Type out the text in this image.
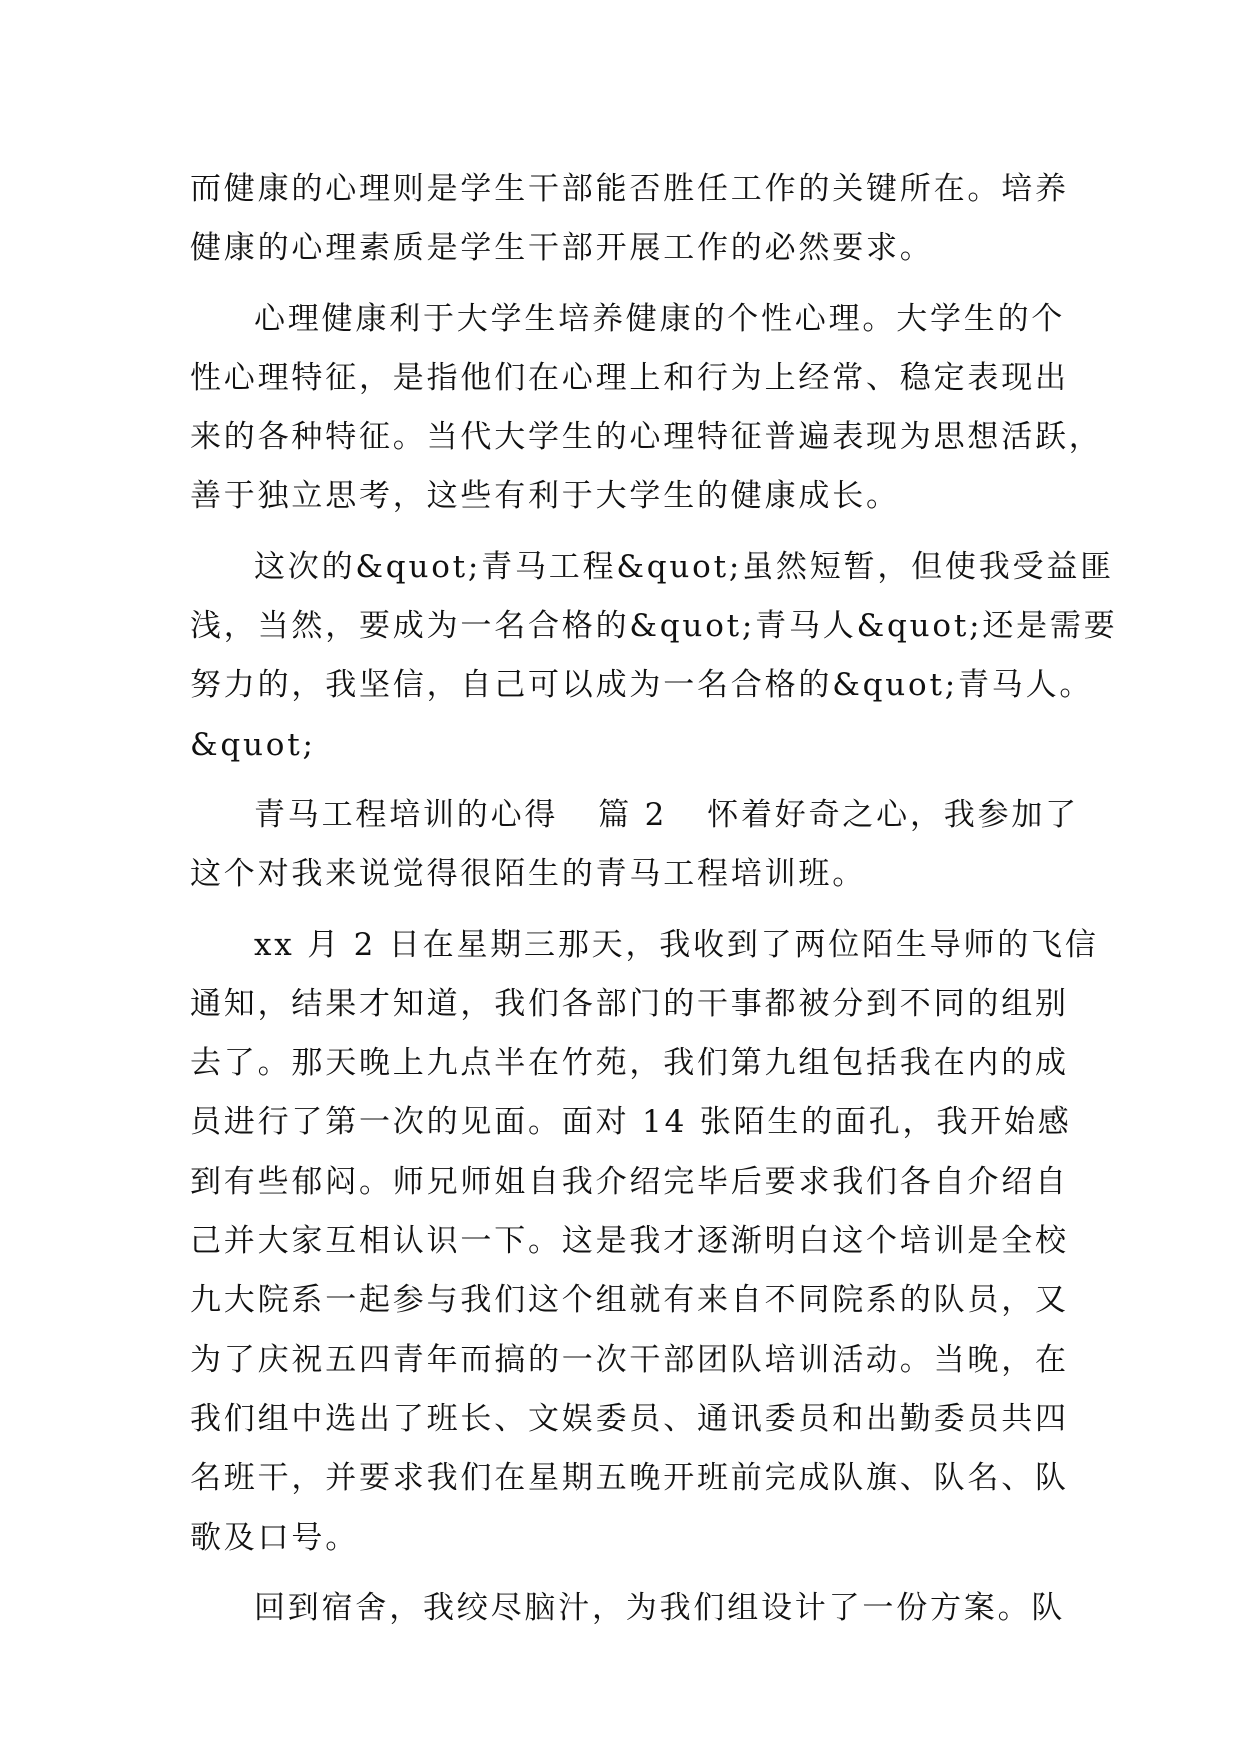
而健康的心理则是学生干部能否胜任工作的关键所在。培养
健康的心理素质是学生干部开展工作的必然要求。
心理健康利于大学生培养健康的个性心理。大学生的个
性心理特征，是指他们在心理上和行为上经常、稳定表现出
来的各种特征。当代大学生的心理特征普遍表现为思想活跃，
善于独立思考，这些有利于大学生的健康成长。
这次的&quot;青马工程&quot;虽然短暂，但使我受益匪
浅，当然，要成为一名合格的&quot;青马人&quot;还是需要
努力的，我坚信，自己可以成为一名合格的&quot;青马人。
&quot;
青马工程培训的心得 篇 2 怀着好奇之心，我参加了
这个对我来说觉得很陌生的青马工程培训班。
xx 月 2 日在星期三那天，我收到了两位陌生导师的飞信
通知，结果才知道，我们各部门的干事都被分到不同的组别
去了。那天晚上九点半在竹苑，我们第九组包括我在内的成
员进行了第一次的见面。面对 14 张陌生的面孔，我开始感
到有些郁闷。师兄师姐自我介绍完毕后要求我们各自介绍自
己并大家互相认识一下。这是我才逐渐明白这个培训是全校
九大院系一起参与我们这个组就有来自不同院系的队员，又
为了庆祝五四青年而搞的一次干部团队培训活动。当晚，在
我们组中选出了班长、文娱委员、通讯委员和出勤委员共四
名班干，并要求我们在星期五晚开班前完成队旗、队名、队
歌及口号。
回到宿舍，我绞尽脑汁，为我们组设计了一份方案。队
